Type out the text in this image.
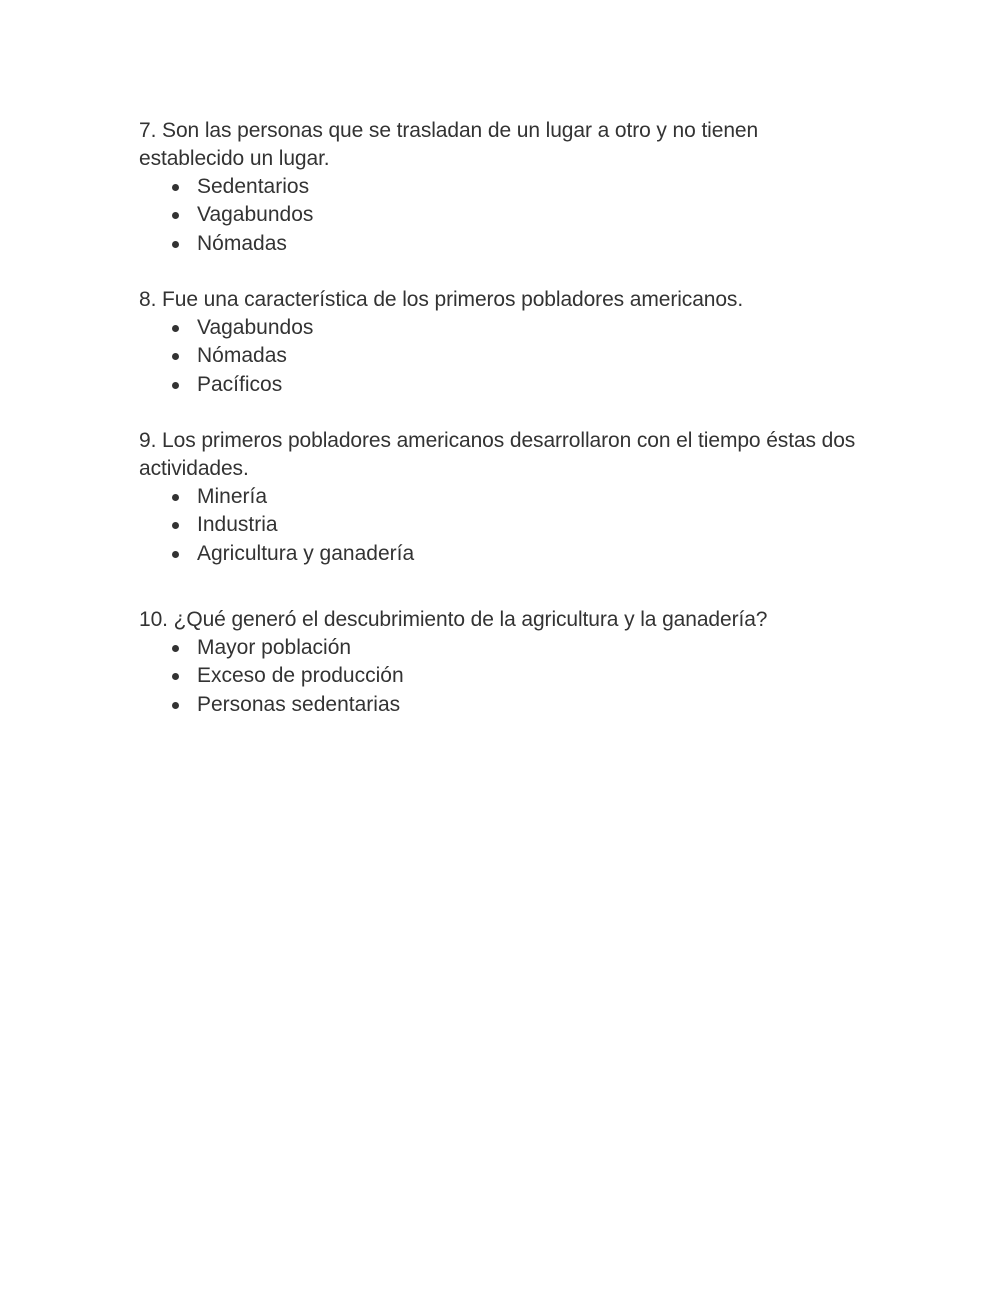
7. Son las personas que se trasladan de un lugar a otro y no tienen establecido un lugar.

Sedentarios
Vagabundos
Nómadas

8. Fue una característica de los primeros pobladores americanos.

Vagabundos
Nómadas
Pacíficos

9. Los primeros pobladores americanos desarrollaron con el tiempo éstas dos actividades.

Minería
Industria
Agricultura y ganadería

10. ¿Qué generó el descubrimiento de la agricultura y la ganadería?

Mayor población
Exceso de producción
Personas sedentarias
